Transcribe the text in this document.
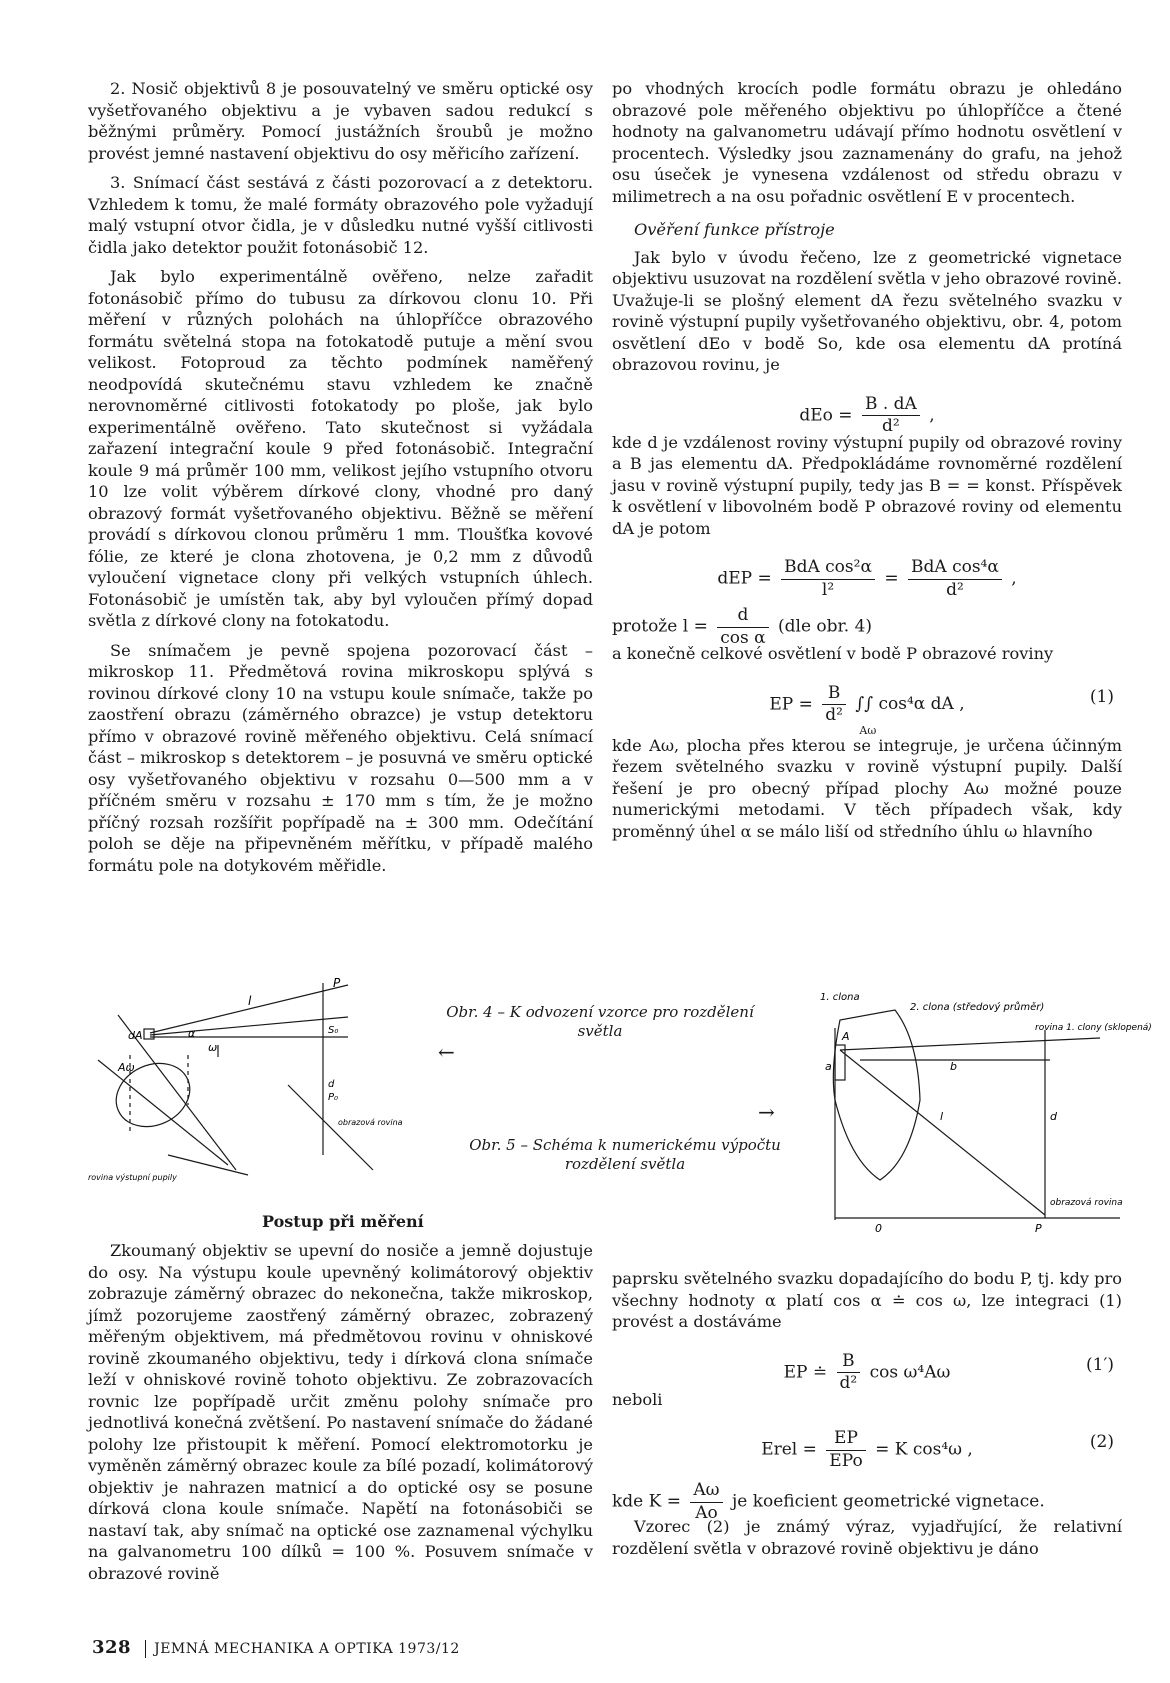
2. Nosič objektivů 8 je posouvatelný ve směru optické osy vyšetřovaného objektivu a je vybaven sadou redukcí s běžnými průměry. Pomocí justážních šroubů je možno provést jemné nastavení objektivu do osy měřicího zařízení.

3. Snímací část sestává z části pozorovací a z detektoru. Vzhledem k tomu, že malé formáty obrazového pole vyžadují malý vstupní otvor čidla, je v důsledku nutné vyšší citlivosti čidla jako detektor použit fotonásobič 12.

Jak bylo experimentálně ověřeno, nelze zařadit fotonásobič přímo do tubusu za dírkovou clonu 10. Při měření v různých polohách na úhlopříčce obrazového formátu světelná stopa na fotokatodě putuje a mění svou velikost. Fotoproud za těchto podmínek naměřený neodpovídá skutečnému stavu vzhledem ke značně nerovnoměrné citlivosti fotokatody po ploše, jak bylo experimentálně ověřeno. Tato skutečnost si vyžádala zařazení integrační koule 9 před fotonásobič. Integrační koule 9 má průměr 100 mm, velikost jejího vstupního otvoru 10 lze volit výběrem dírkové clony, vhodné pro daný obrazový formát vyšetřovaného objektivu. Běžně se měření provádí s dírkovou clonou průměru 1 mm. Tloušťka kovové fólie, ze které je clona zhotovena, je 0,2 mm z důvodů vyloučení vignetace clony při velkých vstupních úhlech. Fotonásobič je umístěn tak, aby byl vyloučen přímý dopad světla z dírkové clony na fotokatodu.

Se snímačem je pevně spojena pozorovací část – mikroskop 11. Předmětová rovina mikroskopu splývá s rovinou dírkové clony 10 na vstupu koule snímače, takže po zaostření obrazu (záměrného obrazce) je vstup detektoru přímo v obrazové rovině měřeného objektivu. Celá snímací část – mikroskop s detektorem – je posuvná ve směru optické osy vyšetřovaného objektivu v rozsahu 0—500 mm a v příčném směru v rozsahu ± 170 mm s tím, že je možno příčný rozsah rozšířit popřípadě na ± 300 mm. Odečítání poloh se děje na připevněném měřítku, v případě malého formátu pole na dotykovém měřidle.

po vhodných krocích podle formátu obrazu je ohledáno obrazové pole měřeného objektivu po úhlopříčce a čtené hodnoty na galvanometru udávají přímo hodnotu osvětlení v procentech. Výsledky jsou zaznamenány do grafu, na jehož osu úseček je vynesena vzdálenost od středu obrazu v milimetrech a na osu pořadnic osvětlení E v procentech.

Ověření funkce přístroje

Jak bylo v úvodu řečeno, lze z geometrické vignetace objektivu usuzovat na rozdělení světla v jeho obrazové rovině. Uvažuje-li se plošný element dA řezu světelného svazku v rovině výstupní pupily vyšetřovaného objektivu, obr. 4, potom osvětlení dEo v bodě So, kde osa elementu dA protíná obrazovou rovinu, je

dEo = $\frac{B . dA}{\text{d²}}$ ,

kde d je vzdálenost roviny výstupní pupily od obrazové roviny a B jas elementu dA. Předpokládáme rovnoměrné rozdělení jasu v rovině výstupní pupily, tedy jas B = = konst. Příspěvek k osvětlení v libovolném bodě P obrazové roviny od elementu dA je potom

dEP = $\frac{\text{BdA cos²α}}{\text{l²}} = \frac{\text{BdA cos⁴α}}{\text{d²}}$ ,
protože $l = \frac{d}{\text{cos α}} (dle$ obr. 4)

a konečně celkové osvětlení v bodě P obrazové roviny

EP = $\frac{B}{\text{d²}}$ ∫∫ cos⁴α dA ,
Aω
(1)

kde Aω, plocha přes kterou se integruje, je určena účinným řezem světelného svazku v rovině výstupní pupily. Další řešení je pro obecný případ plochy Aω možné pouze numerickými metodami. V těch případech však, kdy proměnný úhel α se málo liší od středního úhlu ω hlavního

P
l
dA	α
ω
S₀
Aω
d
P₀
obrazová rovina
rovina výstupní pupily
Obr. 4 – K odvození vzorce pro rozdělení světla
←
→
Obr. 5 – Schéma k numerickému výpočtu rozdělení světla
1. clona
2. clona (středový průměr)
A
a	b
rovina 1. clony (sklopená)
l	d
obrazová rovina
0	P
Postup při měření

Zkoumaný objektiv se upevní do nosiče a jemně dojustuje do osy. Na výstupu koule upevněný kolimátorový objektiv zobrazuje záměrný obrazec do nekonečna, takže mikroskop, jímž pozorujeme zaostřený záměrný obrazec, zobrazený měřeným objektivem, má předmětovou rovinu v ohniskové rovině zkoumaného objektivu, tedy i dírková clona snímače leží v ohniskové rovině tohoto objektivu. Ze zobrazovacích rovnic lze popřípadě určit změnu polohy snímače pro jednotlivá konečná zvětšení. Po nastavení snímače do žádané polohy lze přistoupit k měření. Pomocí elektromotorku je vyměněn záměrný obrazec koule za bílé pozadí, kolimátorový objektiv je nahrazen matnicí a do optické osy se posune dírková clona koule snímače. Napětí na fotonásobiči se nastaví tak, aby snímač na optické ose zaznamenal výchylku na galvanometru 100 dílků = 100 %. Posuvem snímače v obrazové rovině

paprsku světelného svazku dopadajícího do bodu P, tj. kdy pro všechny hodnoty α platí cos α ≐ cos ω, lze integraci (1) provést a dostáváme

EP ≐ $\frac{B}{\text{d²}}$ cos ω⁴Aω	(1′)

neboli

Erel = $\frac{EP}{\text{EPo}} = K$ cos⁴ω ,	(2)
kde $K = \frac{A\omega}{Ao}$ je koeficient geometrické vignetace.

Vzorec (2) je známý výraz, vyjadřující, že relativní rozdělení světla v obrazové rovině objektivu je dáno

328 JEMNÁ MECHANIKA A OPTIKA 1973/12
